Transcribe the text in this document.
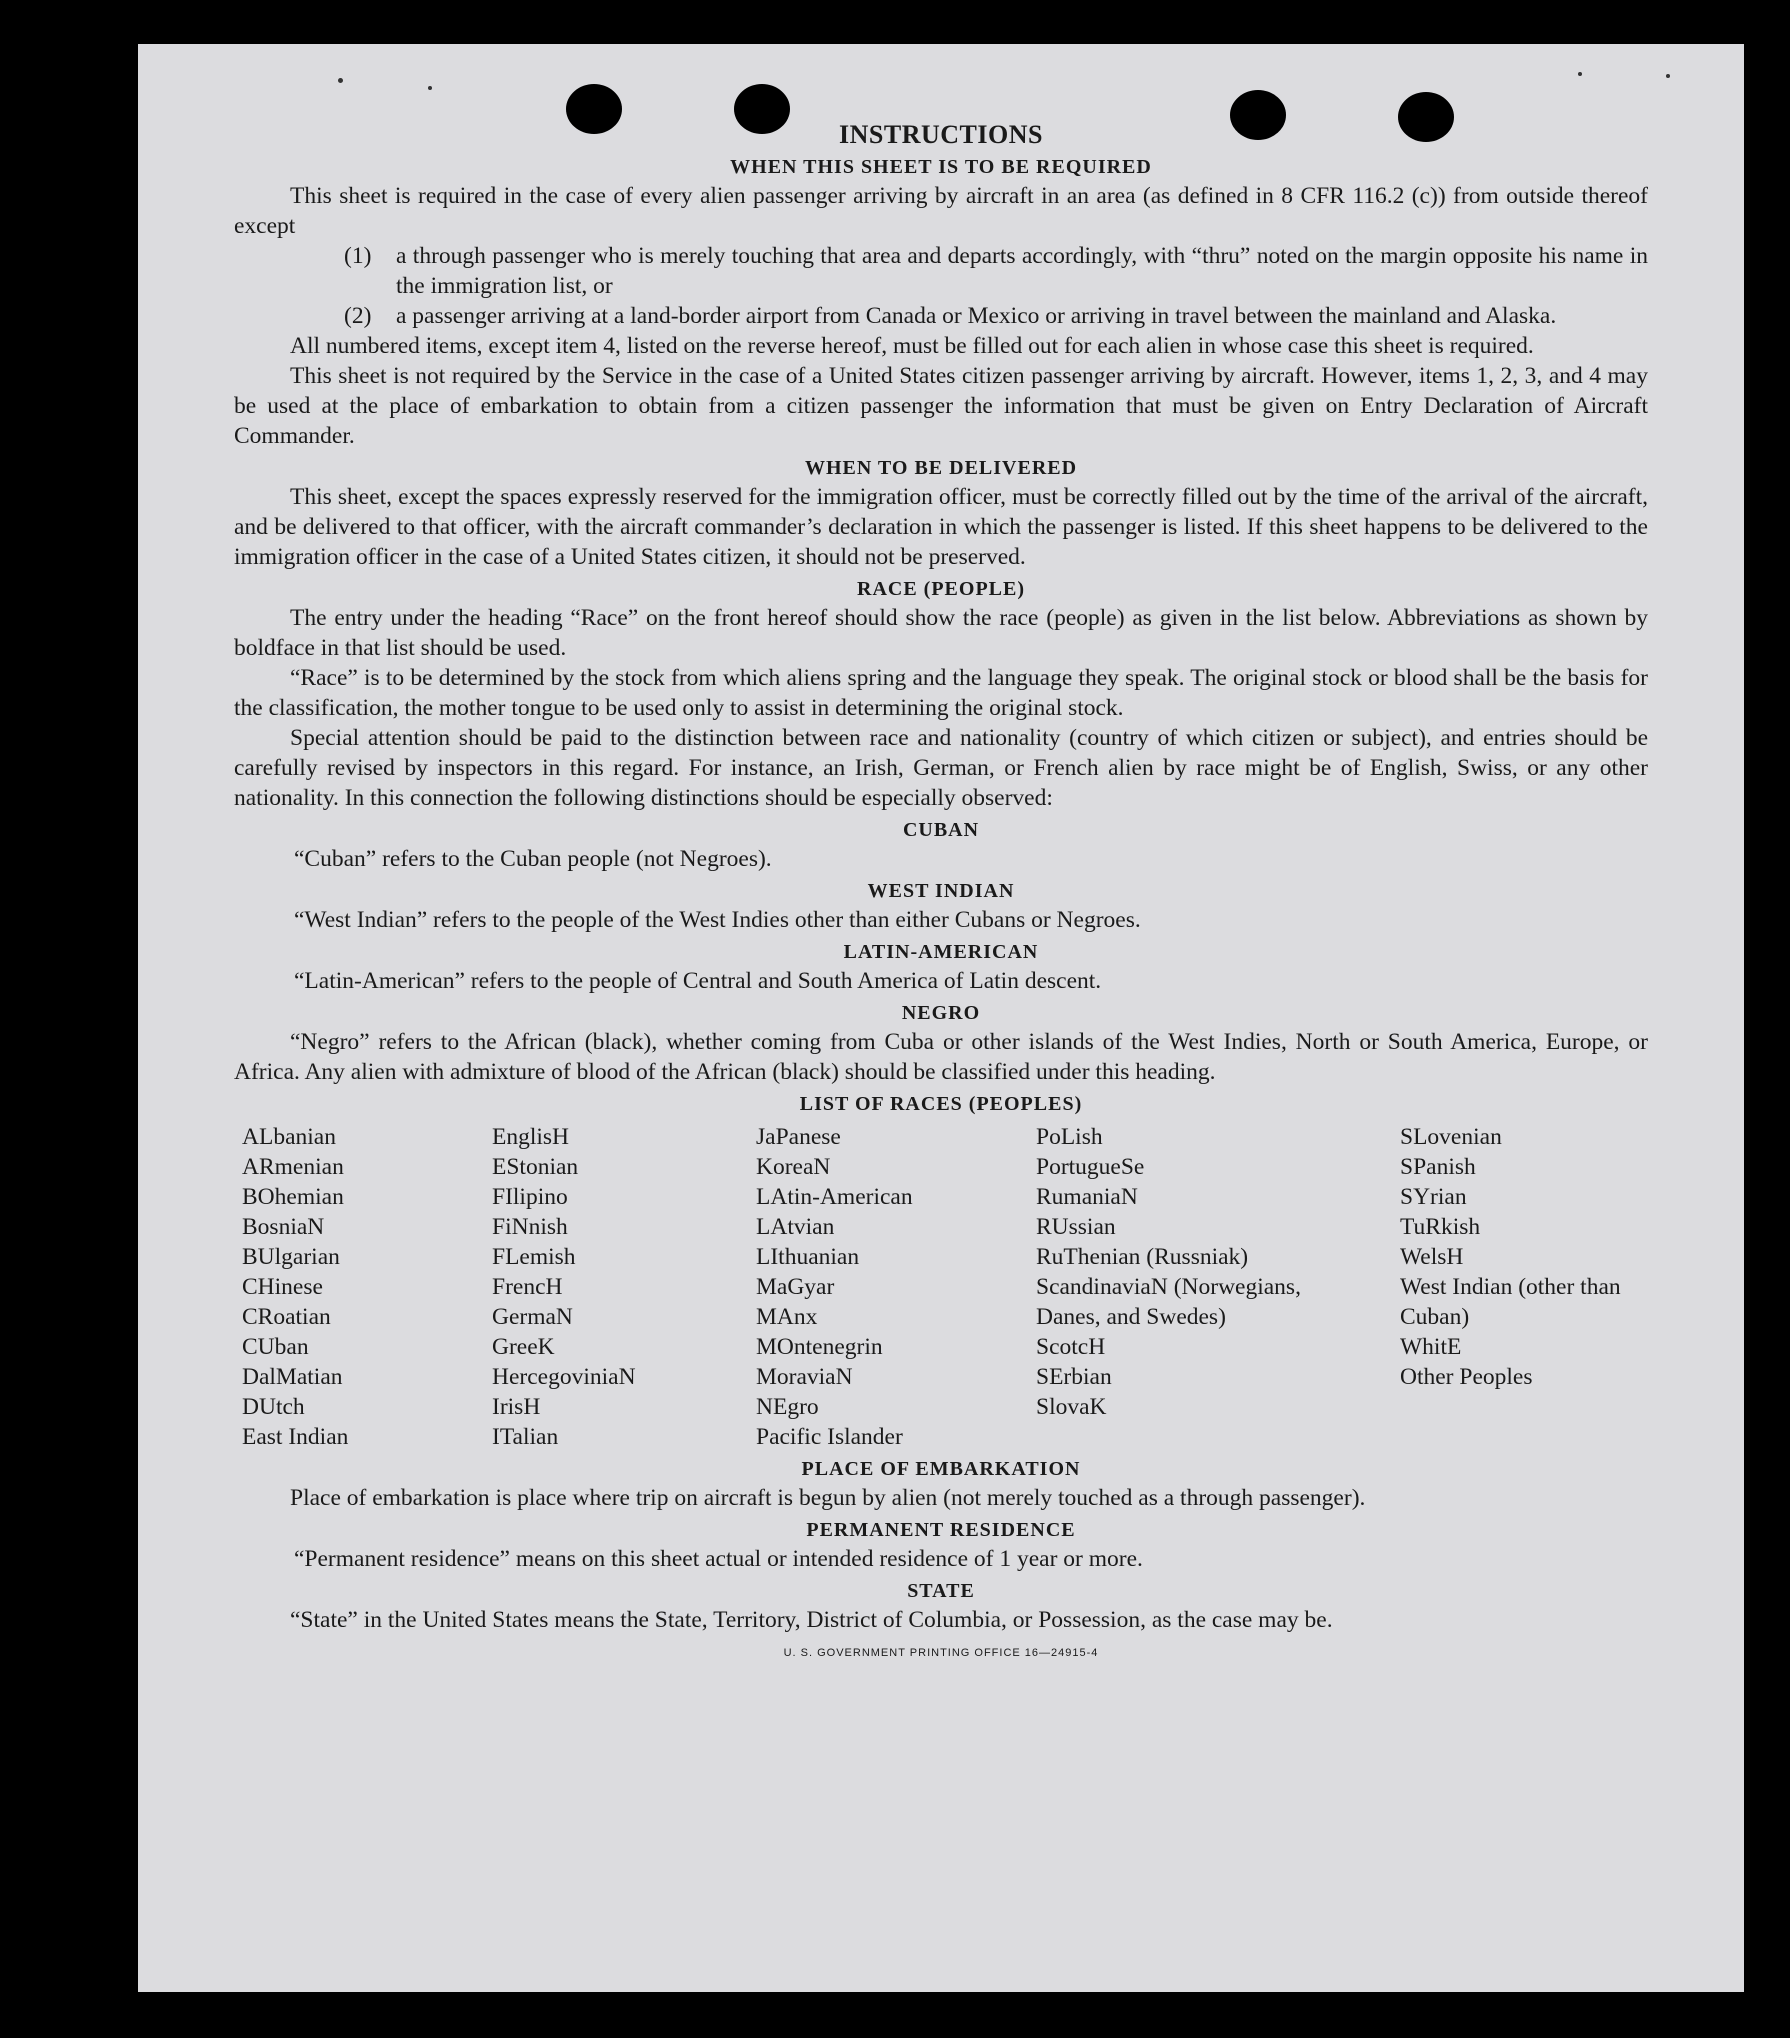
INSTRUCTIONS
WHEN THIS SHEET IS TO BE REQUIRED

This sheet is required in the case of every alien passenger arriving by aircraft in an area (as defined in 8 CFR 116.2 (c)) from outside thereof except

(1)	a through passenger who is merely touching that area and departs accordingly, with “thru” noted on the margin opposite his name in the immigration list, or

(2)	a passenger arriving at a land-border airport from Canada or Mexico or arriving in travel between the mainland and Alaska.

All numbered items, except item 4, listed on the reverse hereof, must be filled out for each alien in whose case this sheet is required.

This sheet is not required by the Service in the case of a United States citizen passenger arriving by aircraft. However, items 1, 2, 3, and 4 may be used at the place of embarkation to obtain from a citizen passenger the information that must be given on Entry Declaration of Aircraft Commander.

WHEN TO BE DELIVERED

This sheet, except the spaces expressly reserved for the immigration officer, must be correctly filled out by the time of the arrival of the aircraft, and be delivered to that officer, with the aircraft commander’s declaration in which the passenger is listed. If this sheet happens to be delivered to the immigration officer in the case of a United States citizen, it should not be preserved.

RACE (PEOPLE)

The entry under the heading “Race” on the front hereof should show the race (people) as given in the list below. Abbreviations as shown by boldface in that list should be used.

“Race” is to be determined by the stock from which aliens spring and the language they speak. The original stock or blood shall be the basis for the classification, the mother tongue to be used only to assist in determining the original stock.

Special attention should be paid to the distinction between race and nationality (country of which citizen or subject), and entries should be carefully revised by inspectors in this regard. For instance, an Irish, German, or French alien by race might be of English, Swiss, or any other nationality. In this connection the following distinctions should be especially observed:

CUBAN
“Cuban” refers to the Cuban people (not Negroes).
WEST INDIAN
“West Indian” refers to the people of the West Indies other than either Cubans or Negroes.
LATIN-AMERICAN
“Latin-American” refers to the people of Central and South America of Latin descent.
NEGRO

“Negro” refers to the African (black), whether coming from Cuba or other islands of the West Indies, North or South America, Europe, or Africa. Any alien with admixture of blood of the African (black) should be classified under this heading.

LIST OF RACES (PEOPLES)
ALbanian
ARmenian
BOhemian
BosniaN
BUlgarian
CHinese
CRoatian
CUban
DalMatian
DUtch
East Indian
EnglisH
EStonian
FIlipino
FiNnish
FLemish
FrencH
GermaN
GreeK
HercegoviniaN
IrisH
ITalian
JaPanese
KoreaN
LAtin-American
LAtvian
LIthuanian
MaGyar
MAnx
MOntenegrin
MoraviaN
NEgro
Pacific Islander
PoLish
PortugueSe
RumaniaN
RUssian
RuThenian (Russniak)
ScandinaviaN (Norwegians, Danes, and Swedes)
ScotcH
SErbian
SlovaK
SLovenian
SPanish
SYrian
TuRkish
WelsH
West Indian (other than Cuban)
WhitE
Other Peoples
PLACE OF EMBARKATION

Place of embarkation is place where trip on aircraft is begun by alien (not merely touched as a through passenger).

PERMANENT RESIDENCE
“Permanent residence” means on this sheet actual or intended residence of 1 year or more.
STATE

“State” in the United States means the State, Territory, District of Columbia, or Possession, as the case may be.

U. S. GOVERNMENT PRINTING OFFICE 16—24915-4
